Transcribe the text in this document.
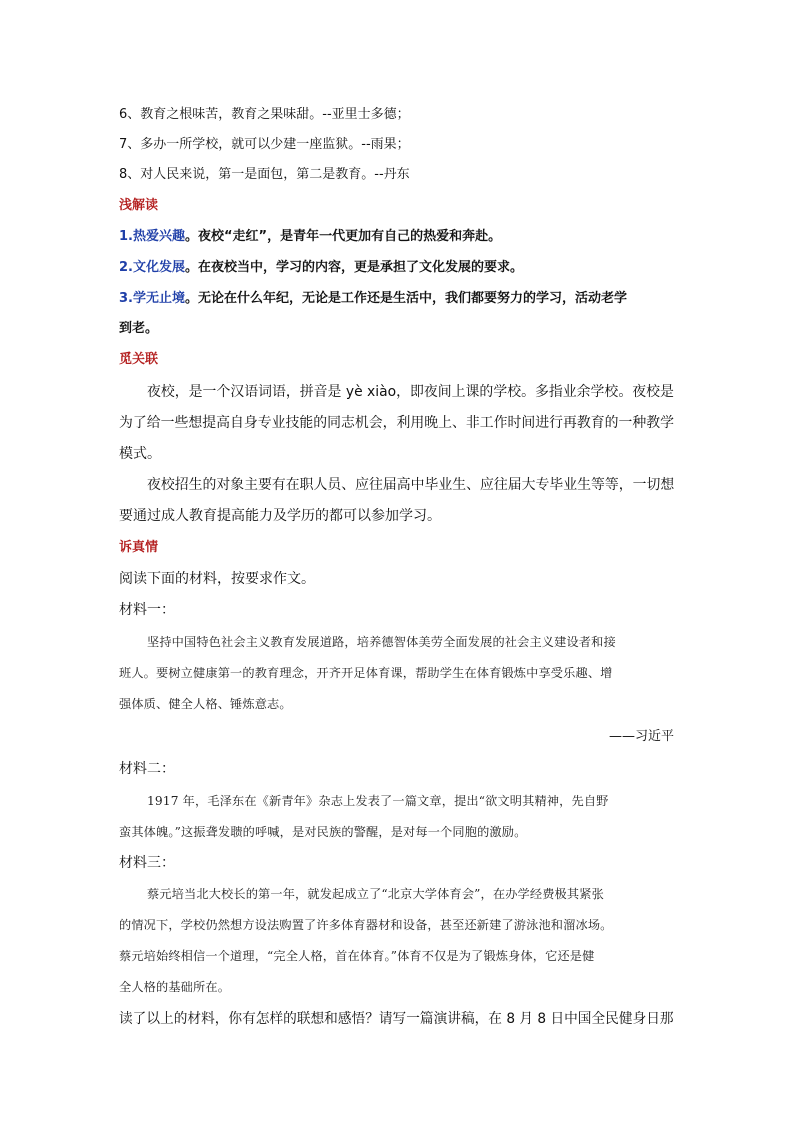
6、教育之根味苦，教育之果味甜。--亚里士多德；
7、多办一所学校，就可以少建一座监狱。--雨果；
8、对人民来说，第一是面包，第二是教育。--丹东
浅解读
1.热爱兴趣。夜校“走红”，是青年一代更加有自己的热爱和奔赴。
2.文化发展。在夜校当中，学习的内容，更是承担了文化发展的要求。
3.学无止境。无论在什么年纪，无论是工作还是生活中，我们都要努力的学习，活动老学
到老。
觅关联
夜校，是一个汉语词语，拼音是 yè xiào，即夜间上课的学校。多指业余学校。夜校是
为了给一些想提高自身专业技能的同志机会，利用晚上、非工作时间进行再教育的一种教学
模式。
夜校招生的对象主要有在职人员、应往届高中毕业生、应往届大专毕业生等等，一切想
要通过成人教育提高能力及学历的都可以参加学习。
诉真情
阅读下面的材料，按要求作文。
材料一：
坚持中国特色社会主义教育发展道路，培养德智体美劳全面发展的社会主义建设者和接
班人。要树立健康第一的教育理念，开齐开足体育课，帮助学生在体育锻炼中享受乐趣、增
强体质、健全人格、锤炼意志。
——习近平
材料二：
1917 年，毛泽东在《新青年》杂志上发表了一篇文章，提出“欲文明其精神，先自野
蛮其体魄。”这振聋发聩的呼喊，是对民族的警醒，是对每一个同胞的激励。
材料三：
蔡元培当北大校长的第一年，就发起成立了“北京大学体育会”，在办学经费极其紧张
的情况下，学校仍然想方设法购置了许多体育器材和设备，甚至还新建了游泳池和溜冰场。
蔡元培始终相信一个道理，“完全人格，首在体育。”体育不仅是为了锻炼身体，它还是健
全人格的基础所在。
读了以上的材料，你有怎样的联想和感悟？请写一篇演讲稿，在 8 月 8 日中国全民健身日那
